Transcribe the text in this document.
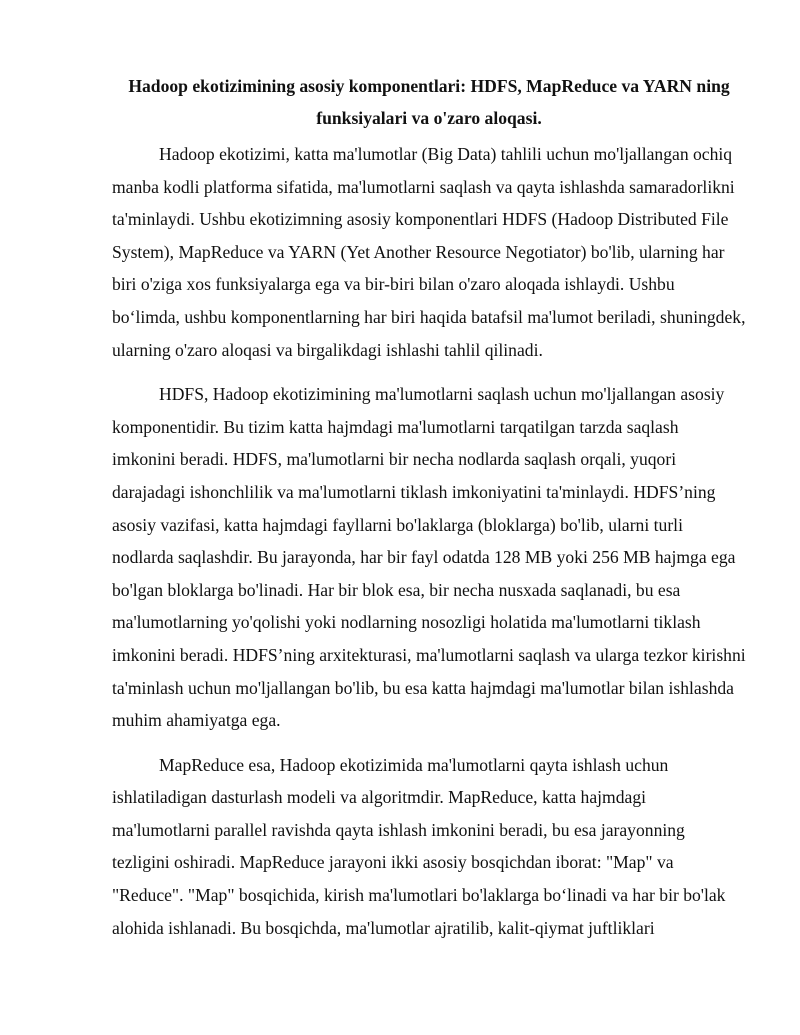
Hadoop ekotizimining asosiy komponentlari: HDFS, MapReduce va YARN ning funksiyalari va o'zaro aloqasi.

Hadoop ekotizimi, katta ma'lumotlar (Big Data) tahlili uchun mo'ljallangan ochiq manba kodli platforma sifatida, ma'lumotlarni saqlash va qayta ishlashda samaradorlikni ta'minlaydi. Ushbu ekotizimning asosiy komponentlari HDFS (Hadoop Distributed File System), MapReduce va YARN (Yet Another Resource Negotiator) bo'lib, ularning har biri o'ziga xos funksiyalarga ega va bir-biri bilan o'zaro aloqada ishlaydi. Ushbu bo‘limda, ushbu komponentlarning har biri haqida batafsil ma'lumot beriladi, shuningdek, ularning o'zaro aloqasi va birgalikdagi ishlashi tahlil qilinadi.

HDFS, Hadoop ekotizimining ma'lumotlarni saqlash uchun mo'ljallangan asosiy komponentidir. Bu tizim katta hajmdagi ma'lumotlarni tarqatilgan tarzda saqlash imkonini beradi. HDFS, ma'lumotlarni bir necha nodlarda saqlash orqali, yuqori darajadagi ishonchlilik va ma'lumotlarni tiklash imkoniyatini ta'minlaydi. HDFS’ning asosiy vazifasi, katta hajmdagi fayllarni bo'laklarga (bloklarga) bo'lib, ularni turli nodlarda saqlashdir. Bu jarayonda, har bir fayl odatda 128 MB yoki 256 MB hajmga ega bo'lgan bloklarga bo'linadi. Har bir blok esa, bir necha nusxada saqlanadi, bu esa ma'lumotlarning yo'qolishi yoki nodlarning nosozligi holatida ma'lumotlarni tiklash imkonini beradi. HDFS’ning arxitekturasi, ma'lumotlarni saqlash va ularga tezkor kirishni ta'minlash uchun mo'ljallangan bo'lib, bu esa katta hajmdagi ma'lumotlar bilan ishlashda muhim ahamiyatga ega.

MapReduce esa, Hadoop ekotizimida ma'lumotlarni qayta ishlash uchun ishlatiladigan dasturlash modeli va algoritmdir. MapReduce, katta hajmdagi ma'lumotlarni parallel ravishda qayta ishlash imkonini beradi, bu esa jarayonning tezligini oshiradi. MapReduce jarayoni ikki asosiy bosqichdan iborat: "Map" va "Reduce". "Map" bosqichida, kirish ma'lumotlari bo'laklarga bo‘linadi va har bir bo'lak alohida ishlanadi. Bu bosqichda, ma'lumotlar ajratilib, kalit-qiymat juftliklari
